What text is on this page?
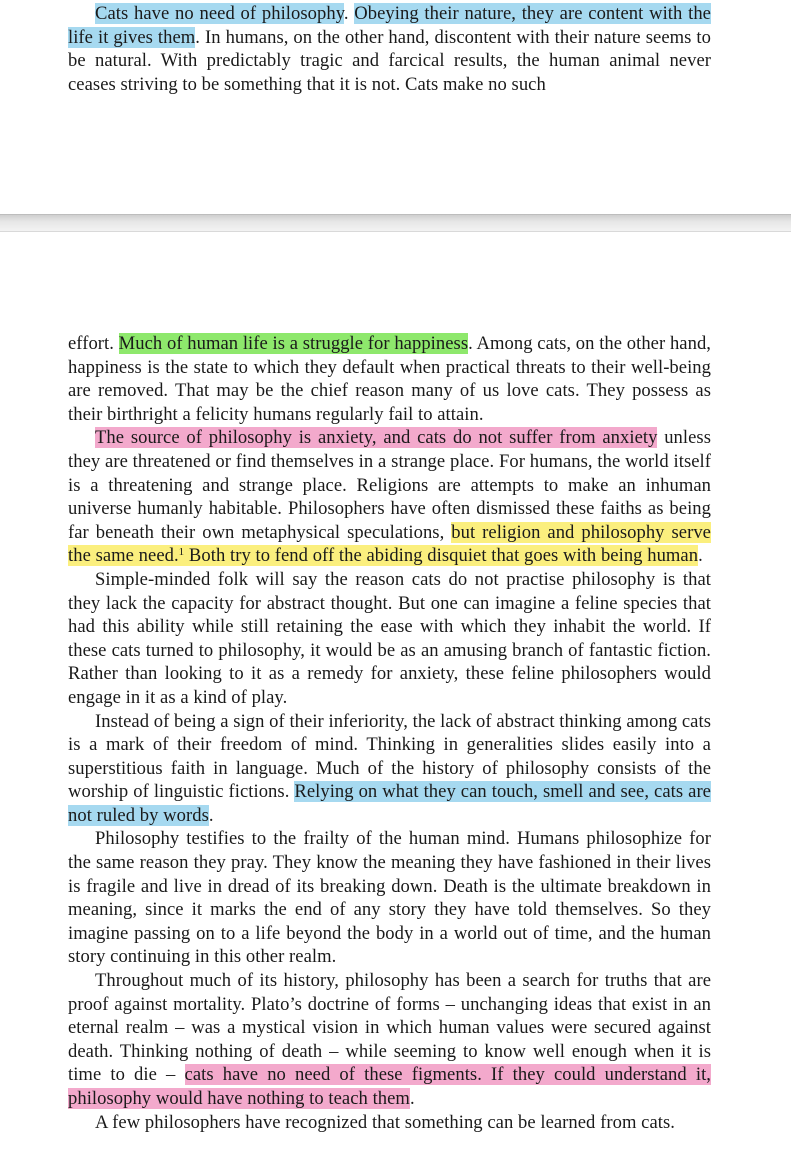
Cats have no need of philosophy. Obeying their nature, they are content with the life it gives them. In humans, on the other hand, discontent with their nature seems to be natural. With predictably tragic and farcical results, the human animal never ceases striving to be something that it is not. Cats make no such

effort. Much of human life is a struggle for happiness. Among cats, on the other hand, happiness is the state to which they default when practical threats to their well-being are removed. That may be the chief reason many of us love cats. They possess as their birthright a felicity humans regularly fail to attain.

The source of philosophy is anxiety, and cats do not suffer from anxiety unless they are threatened or find themselves in a strange place. For humans, the world itself is a threatening and strange place. Religions are attempts to make an inhuman universe humanly habitable. Philosophers have often dismissed these faiths as being far beneath their own metaphysical speculations, but religion and philosophy serve the same need.$^1$ Both try to fend off the abiding disquiet that goes with being human.

Simple-minded folk will say the reason cats do not practise philosophy is that they lack the capacity for abstract thought. But one can imagine a feline species that had this ability while still retaining the ease with which they inhabit the world. If these cats turned to philosophy, it would be as an amusing branch of fantastic fiction. Rather than looking to it as a remedy for anxiety, these feline philosophers would engage in it as a kind of play.

Instead of being a sign of their inferiority, the lack of abstract thinking among cats is a mark of their freedom of mind. Thinking in generalities slides easily into a superstitious faith in language. Much of the history of philosophy consists of the worship of linguistic fictions. Relying on what they can touch, smell and see, cats are not ruled by words.

Philosophy testifies to the frailty of the human mind. Humans philosophize for the same reason they pray. They know the meaning they have fashioned in their lives is fragile and live in dread of its breaking down. Death is the ultimate breakdown in meaning, since it marks the end of any story they have told themselves. So they imagine passing on to a life beyond the body in a world out of time, and the human story continuing in this other realm.

Throughout much of its history, philosophy has been a search for truths that are proof against mortality. Plato’s doctrine of forms – unchanging ideas that exist in an eternal realm – was a mystical vision in which human values were secured against death. Thinking nothing of death – while seeming to know well enough when it is time to die – cats have no need of these figments. If they could understand it, philosophy would have nothing to teach them.

A few philosophers have recognized that something can be learned from cats.
